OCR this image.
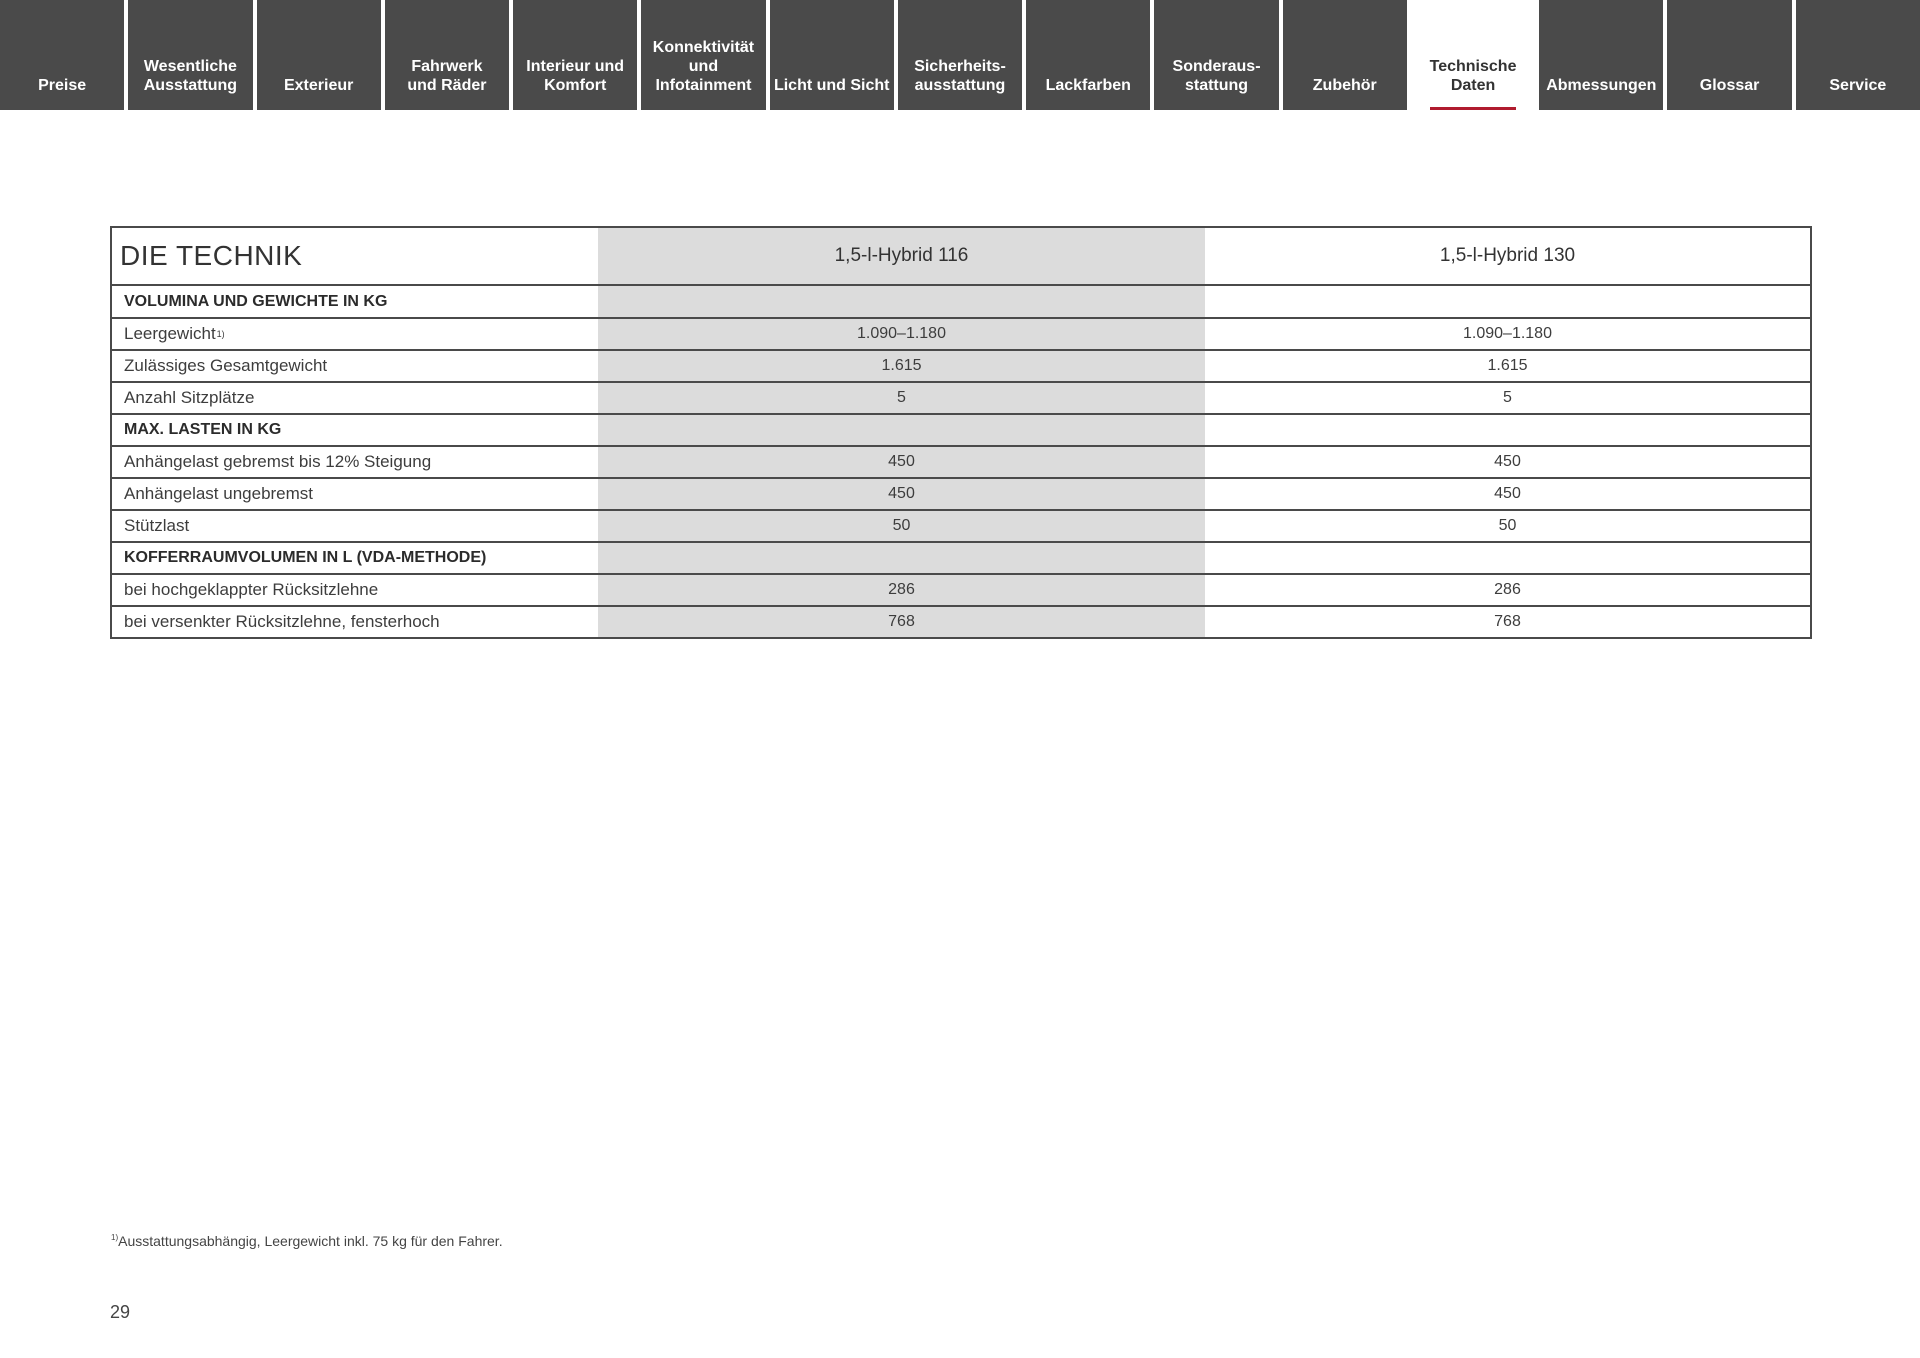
Preise
Wesentliche
Ausstattung	Exterieur
Fahrwerk
und Räder
Interieur und
Komfort
Konnektivität
und
Infotainment Licht und Sicht
Sicherheits-
ausstattung	Lackfarben
Sonderaus-
stattung	Zubehör
Technische
Daten	Abmessungen	Glossar	Service
DIE TECHNIK	1,5-l-Hybrid 116	1,5-l-Hybrid 130
VOLUMINA UND GEWICHTE IN KG
Leergewicht 1)	1.090–1.180	1.090–1.180
Zulässiges Gesamtgewicht	1.615	1.615
Anzahl Sitzplätze	5	5
MAX. LASTEN IN KG
Anhängelast gebremst bis 12% Steigung	450	450
Anhängelast ungebremst	450	450
Stützlast	50	50
KOFFERRAUMVOLUMEN IN L (VDA-METHODE)
bei hochgeklappter Rücksitzlehne	286	286
bei versenkter Rücksitzlehne, fensterhoch	768	768
$^{1)}$Ausstattungsabhängig, Leergewicht inkl. 75 kg für den Fahrer.
29
